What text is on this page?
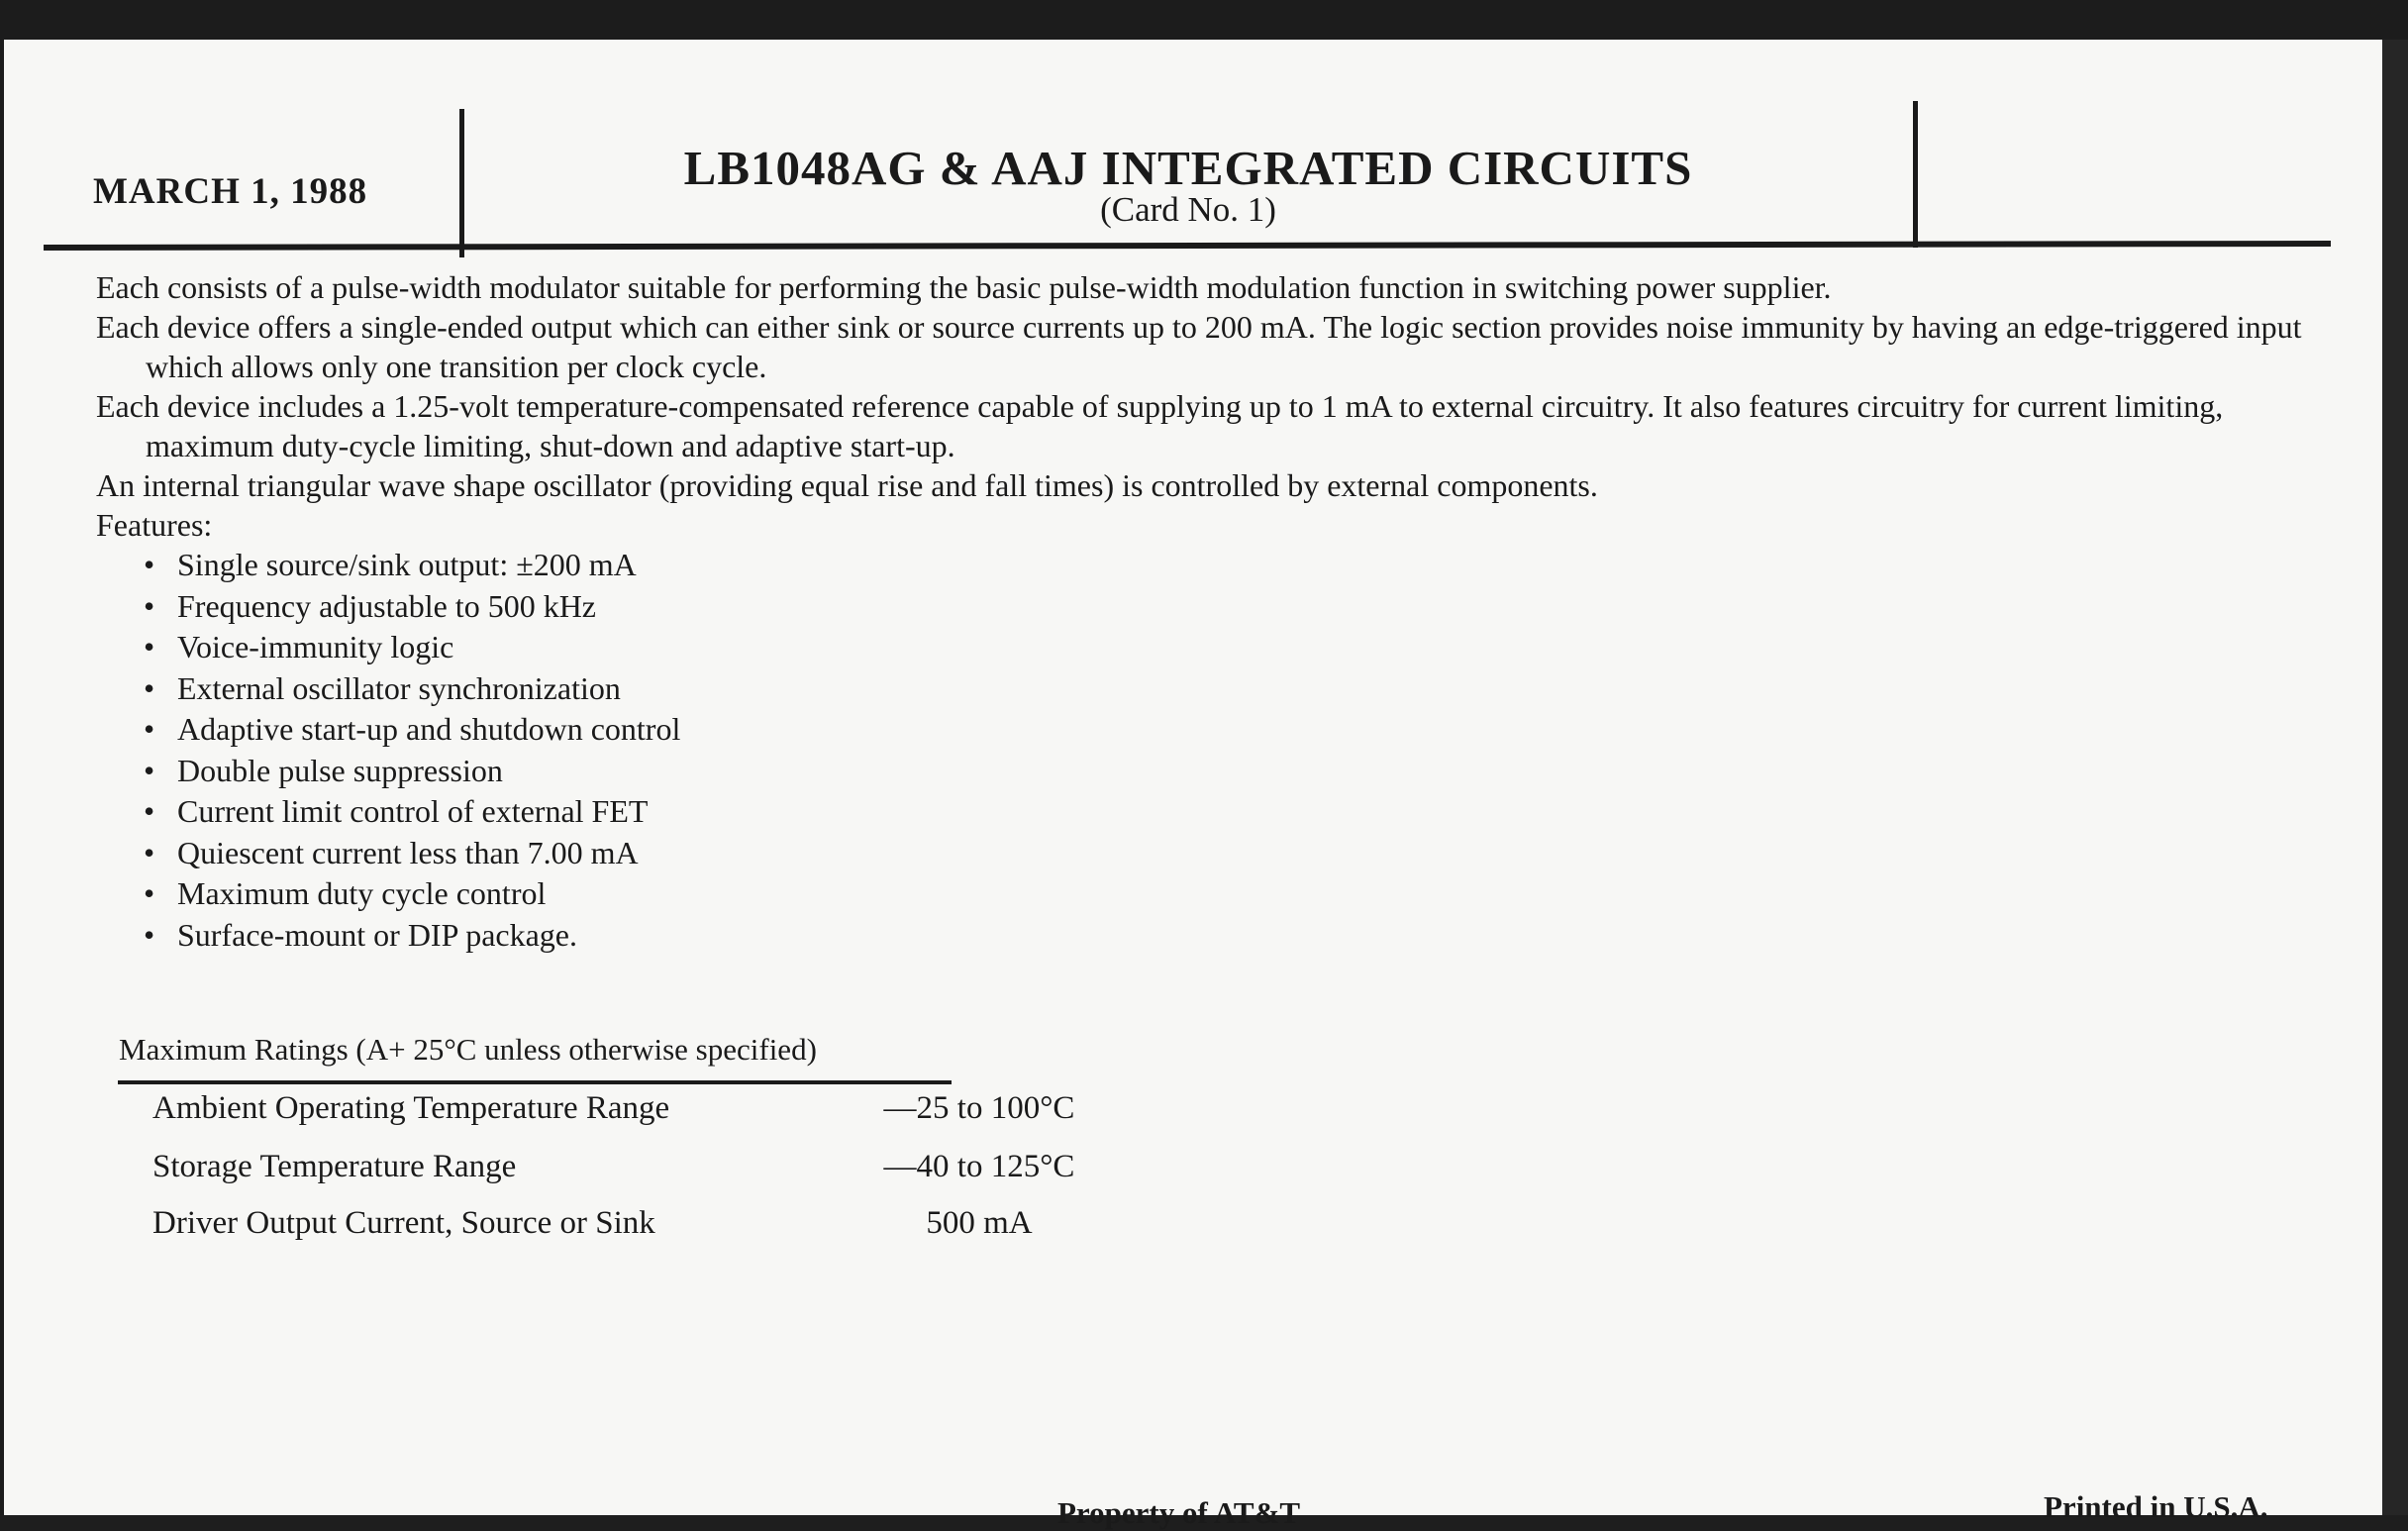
MARCH 1, 1988	LB1048AG & AAJ INTEGRATED CIRCUITS
(Card No. 1)

Each consists of a pulse-width modulator suitable for performing the basic pulse-width modulation function in switching power supplier.

Each device offers a single-ended output which can either sink or source currents up to 200 mA. The logic section provides noise immunity by having an edge-triggered input which allows only one transition per clock cycle.

Each device includes a 1.25-volt temperature-compensated reference capable of supplying up to 1 mA to external circuitry. It also features circuitry for current limiting, maximum duty-cycle limiting, shut-down and adaptive start-up.

An internal triangular wave shape oscillator (providing equal rise and fall times) is controlled by external components.

Features:

• Single source/sink output: ±200 mA
• Frequency adjustable to 500 kHz
• Voice-immunity logic
• External oscillator synchronization
• Adaptive start-up and shutdown control
• Double pulse suppression
• Current limit control of external FET
• Quiescent current less than 7.00 mA
• Maximum duty cycle control
• Surface-mount or DIP package.
Maximum Ratings (A+ 25°C unless otherwise specified)
Ambient Operating Temperature Range	—25 to 100°C
Storage Temperature Range	—40 to 125°C
Driver Output Current, Source or Sink	500 mA
Property of AT&T	Printed in U.S.A.
